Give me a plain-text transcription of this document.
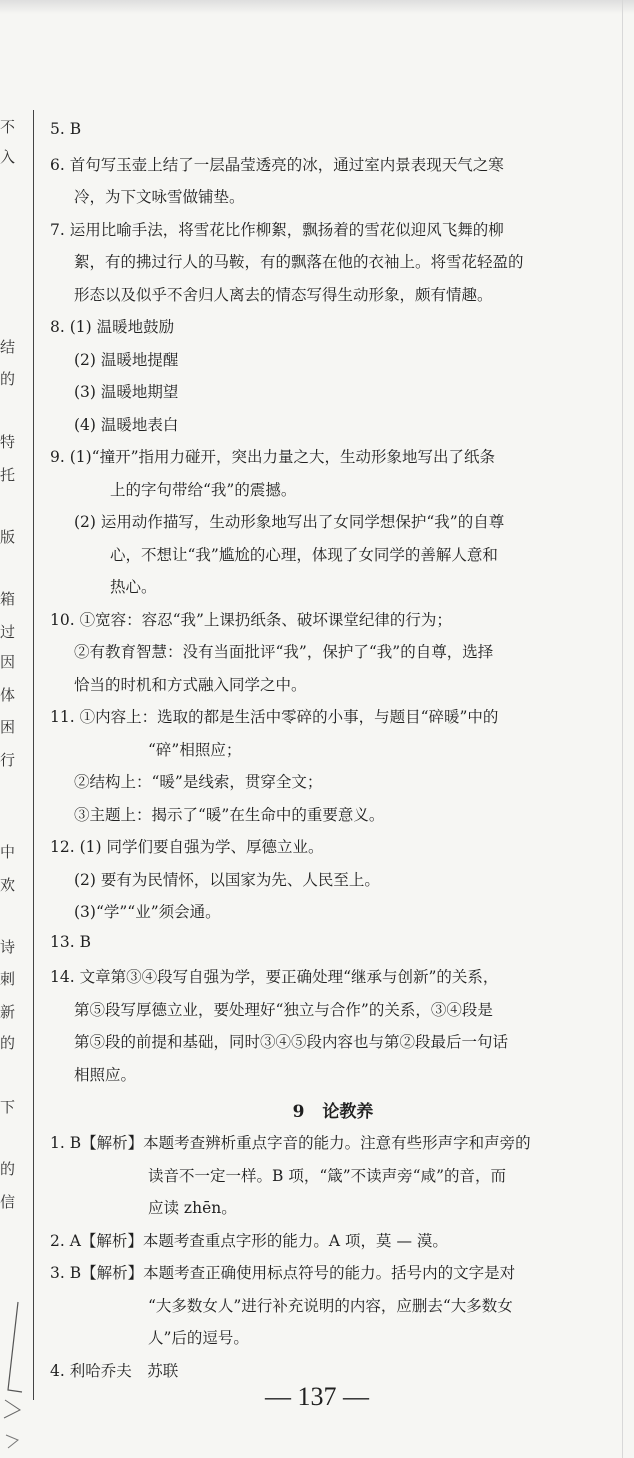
不
入
结
的
特
托
版
箱
过
因
体
困
行
中
欢
诗
刺
新
的
下
的
信
5. B
6. 首句写玉壶上结了一层晶莹透亮的冰，通过室内景表现天气之寒
冷，为下文咏雪做铺垫。
7. 运用比喻手法，将雪花比作柳絮，飘扬着的雪花似迎风飞舞的柳
絮，有的拂过行人的马鞍，有的飘落在他的衣袖上。将雪花轻盈的
形态以及似乎不舍归人离去的情态写得生动形象，颇有情趣。
8. (1) 温暖地鼓励
(2) 温暖地提醒
(3) 温暖地期望
(4) 温暖地表白
9. (1)“撞开”指用力碰开，突出力量之大，生动形象地写出了纸条
上的字句带给“我”的震撼。
(2) 运用动作描写，生动形象地写出了女同学想保护“我”的自尊
心，不想让“我”尴尬的心理，体现了女同学的善解人意和
热心。
10. ①宽容：容忍“我”上课扔纸条、破坏课堂纪律的行为；
②有教育智慧：没有当面批评“我”，保护了“我”的自尊，选择
恰当的时机和方式融入同学之中。
11. ①内容上：选取的都是生活中零碎的小事，与题目“碎暖”中的
“碎”相照应；
②结构上：“暖”是线索，贯穿全文；
③主题上：揭示了“暖”在生命中的重要意义。
12. (1) 同学们要自强为学、厚德立业。
(2) 要有为民情怀，以国家为先、人民至上。
(3)“学”“业”须会通。
13. B
14. 文章第③④段写自强为学，要正确处理“继承与创新”的关系，
第⑤段写厚德立业，要处理好“独立与合作”的关系，③④段是
第⑤段的前提和基础，同时③④⑤段内容也与第②段最后一句话
相照应。
9 论教养
1. B【解析】本题考查辨析重点字音的能力。注意有些形声字和声旁的
读音不一定一样。B 项，“箴”不读声旁“咸”的音，而
应读 zhēn。
2. A【解析】本题考查重点字形的能力。A 项，莫 — 漠。
3. B【解析】本题考查正确使用标点符号的能力。括号内的文字是对
“大多数女人”进行补充说明的内容，应删去“大多数女
人”后的逗号。
4. 利哈乔夫　苏联
— 137 —
